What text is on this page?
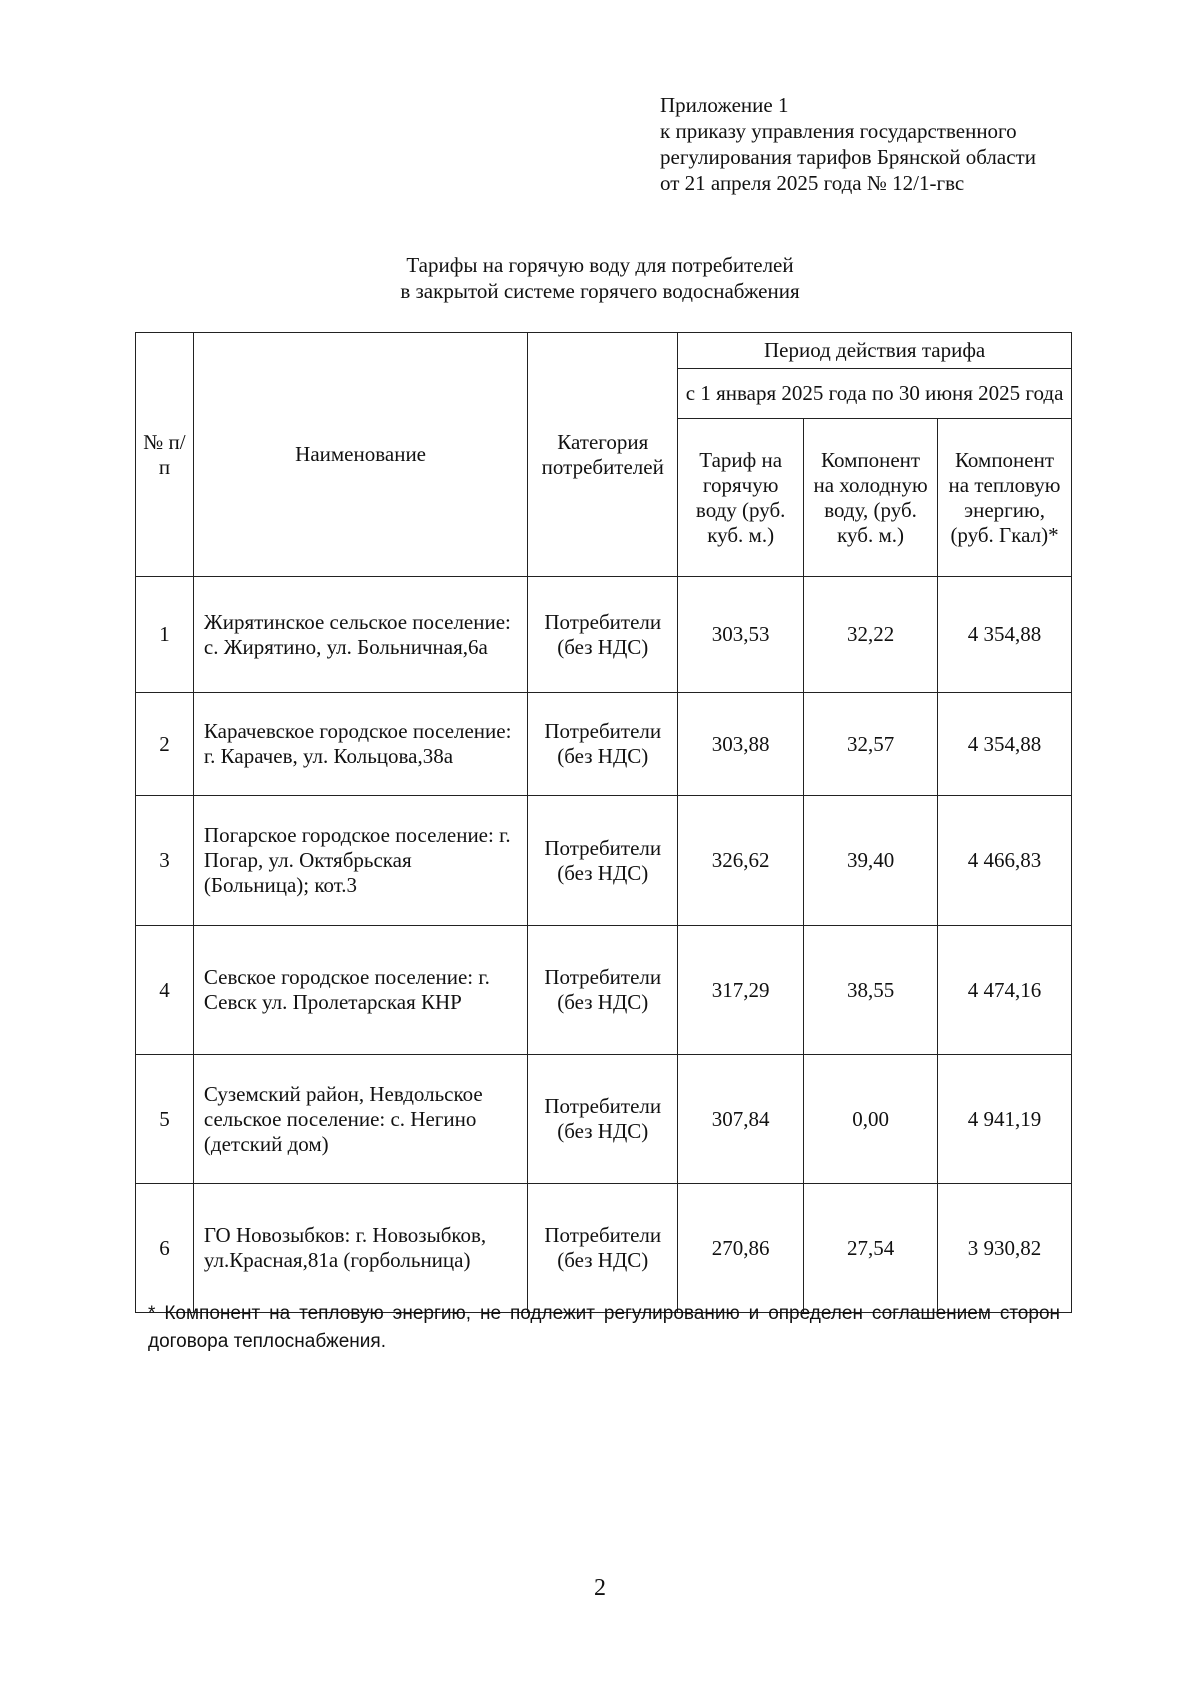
Приложение 1
к приказу управления государственного
регулирования тарифов Брянской области
от 21 апреля 2025 года № 12/1-гвс
Тарифы на горячую воду для потребителей
в закрытой системе горячего водоснабжения
№ п/п	Наименование	Категория потребителей	Период действия тарифа		
			с 1 января 2025 года по 30 июня 2025 года		
			Тариф на горячую воду (руб. куб. м.)	Компонент на холодную воду, (руб. куб. м.)	Компонент на тепловую энергию, (руб. Гкал)*
1	Жирятинское сельское поселение: с. Жирятино, ул. Больничная,6а	Потребители (без НДС)	303,53	32,22	4 354,88
2	Карачевское городское поселение: г. Карачев, ул. Кольцова,38а	Потребители (без НДС)	303,88	32,57	4 354,88
3	Погарское городское поселение: г. Погар, ул. Октябрьская (Больница); кот.3	Потребители (без НДС)	326,62	39,40	4 466,83
4	Севское городское поселение: г. Севск ул. Пролетарская КНР	Потребители (без НДС)	317,29	38,55	4 474,16
5	Суземский район, Невдольское сельское поселение: с. Негино (детский дом)	Потребители (без НДС)	307,84	0,00	4 941,19
6	ГО Новозыбков: г. Новозыбков, ул.Красная,81а (горбольница)	Потребители (без НДС)	270,86	27,54	3 930,82
* Компонент на тепловую энергию, не подлежит регулированию и определен соглашением сторон договора теплоснабжения.
2
